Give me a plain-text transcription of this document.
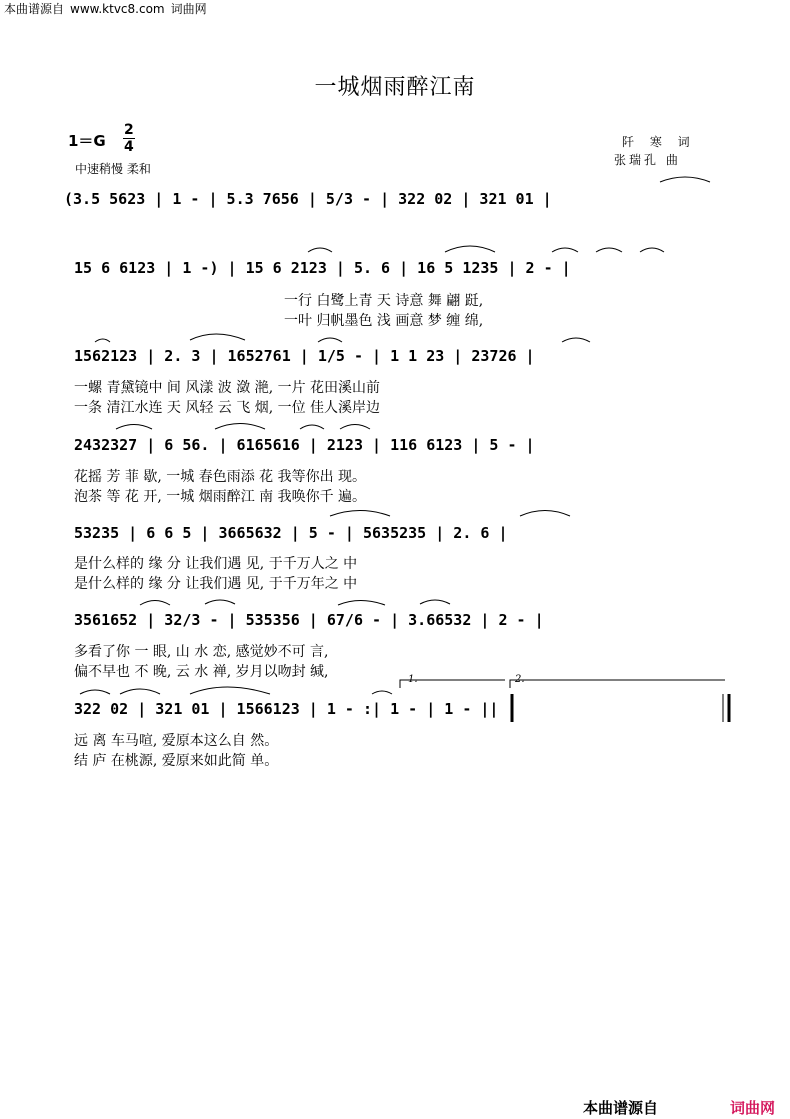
本曲谱源自 www.ktvc8.com 词曲网
一城烟雨醉江南
1＝G
2
4
中速稍慢 柔和
阡 寒 词
张瑞孔 曲
(3.5 5623 | 1 - | 5.3 7656 | 5/3 - | 322 02 | 321 01 |
15 6 6123 | 1 -) | 15 6 2123 | 5. 6 | 16 5 1235 | 2 - |
一行 白鹭上青 天 诗意 舞 翩 跹,
一叶 归帆墨色 浅 画意 梦 缠 绵,
1562123 | 2. 3 | 1652761 | 1/5 - | 1 1 23 | 23726 |
一螺 青黛镜中 间 风漾 波 潋 滟, 一片 花田溪山前
一条 清江水连 天 风轻 云 飞 烟, 一位 佳人溪岸边
2432327 | 6 56. | 6165616 | 2123 | 116 6123 | 5 - |
花摇 芳 菲 歇, 一城 春色雨添 花 我等你出 现。
泡茶 等 花 开, 一城 烟雨醉江 南 我唤你千 遍。
53235 | 6 6 5 | 3665632 | 5 - | 5635235 | 2. 6 |
是什么样的 缘 分 让我们遇 见, 于千万人之 中
是什么样的 缘 分 让我们遇 见, 于千万年之 中
3561652 | 32/3 - | 535356 | 67/6 - | 3.66532 | 2 - |
多看了你 一 眼, 山 水 恋, 感觉妙不可 言,
偏不早也 不 晚, 云 水 禅, 岁月以吻封 缄,	1.	2.
322 02 | 321 01 | 1566123 | 1 - :| 1 - | 1 - ||
远 离 车马喧, 爱原本这么自 然。
结 庐 在桃源, 爱原来如此简 单。
本曲谱源自	词曲网
